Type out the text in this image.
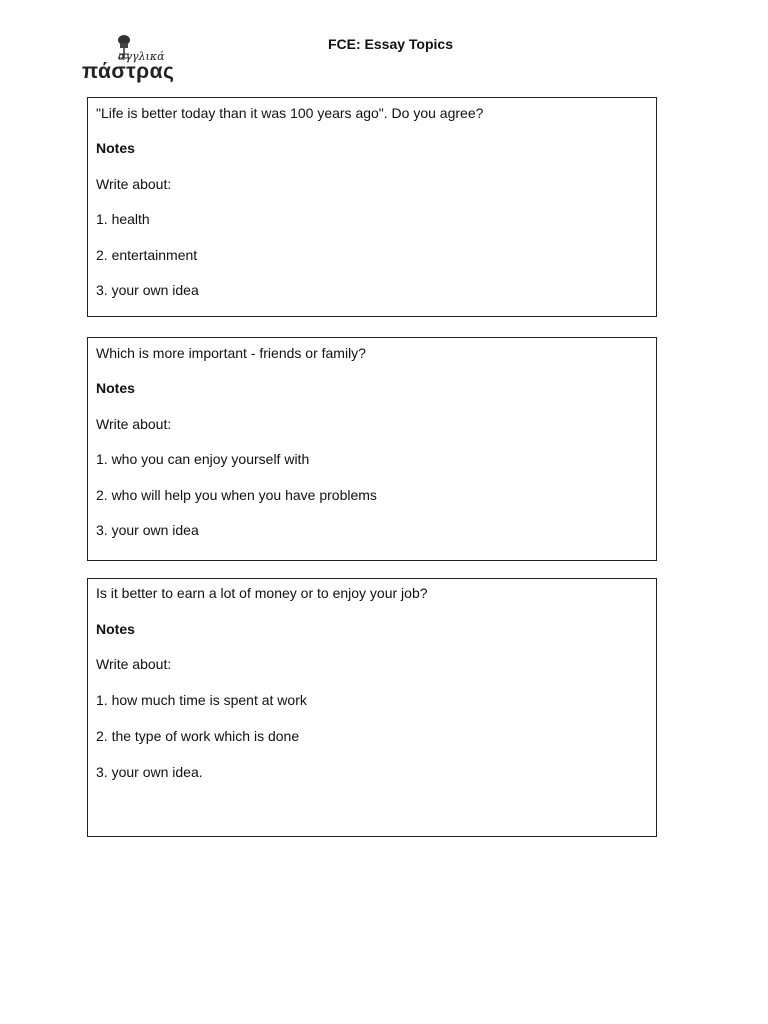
αγγλικά
πάστρας
FCE: Essay Topics
"Life is better today than it was 100 years ago". Do you agree?
Notes
Write about:
1. health
2. entertainment
3. your own idea
Which is more important - friends or family?
Notes
Write about:
1. who you can enjoy yourself with
2. who will help you when you have problems
3. your own idea
Is it better to earn a lot of money or to enjoy your job?
Notes
Write about:
1. how much time is spent at work
2. the type of work which is done
3. your own idea.
